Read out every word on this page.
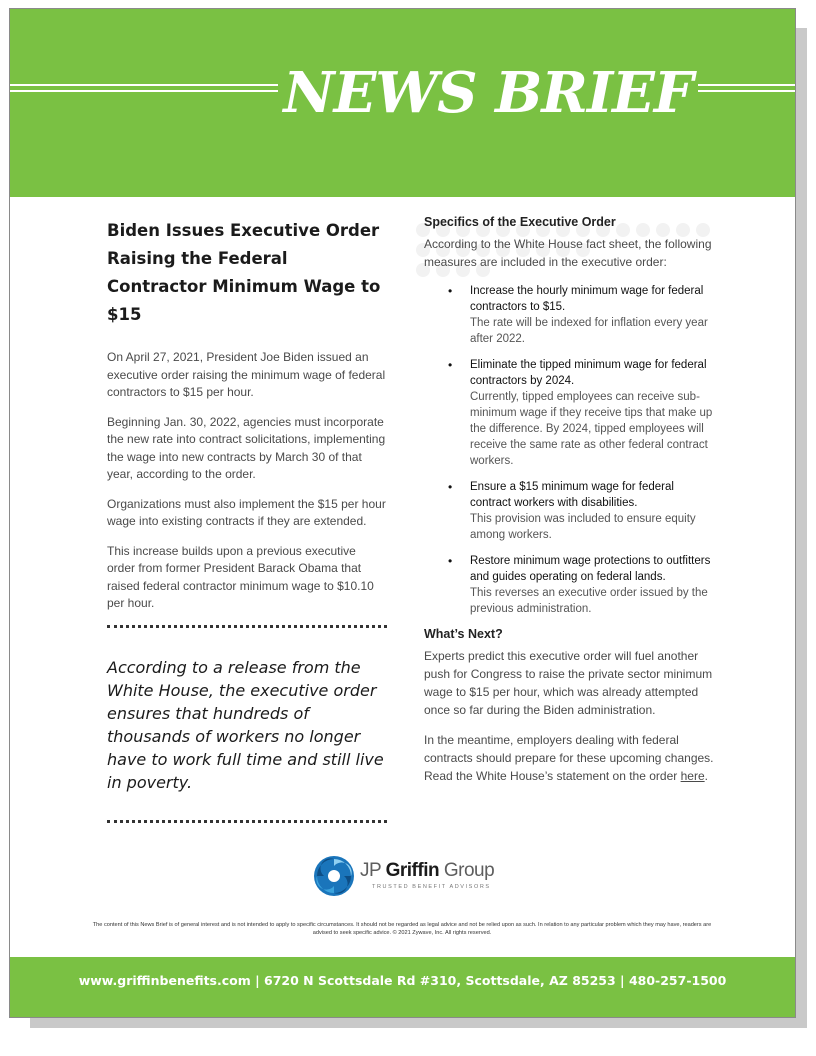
NEWS BRIEF
Biden Issues Executive Order Raising the Federal Contractor Minimum Wage to $15

On April 27, 2021, President Joe Biden issued an executive order raising the minimum wage of federal contractors to $15 per hour.

Beginning Jan. 30, 2022, agencies must incorporate the new rate into contract solicitations, implementing the wage into new contracts by March 30 of that year, according to the order.

Organizations must also implement the $15 per hour wage into existing contracts if they are extended.

This increase builds upon a previous executive order from former President Barack Obama that raised federal contractor minimum wage to $10.10 per hour.

According to a release from the White House, the executive order ensures that hundreds of thousands of workers no longer have to work full time and still live in poverty.

Specifics of the Executive Order

According to the White House fact sheet, the following measures are included in the executive order:

• Increase the hourly minimum wage for federal contractors to $15.
The rate will be indexed for inflation every year after 2022.
• Eliminate the tipped minimum wage for federal contractors by 2024.
Currently, tipped employees can receive sub-minimum wage if they receive tips that make up the difference. By 2024, tipped employees will receive the same rate as other federal contract workers.
• Ensure a $15 minimum wage for federal contract workers with disabilities.
This provision was included to ensure equity among workers.
• Restore minimum wage protections to outfitters and guides operating on federal lands.
This reverses an executive order issued by the previous administration.
What’s Next?

Experts predict this executive order will fuel another push for Congress to raise the private sector minimum wage to $15 per hour, which was already attempted once so far during the Biden administration.

In the meantime, employers dealing with federal contracts should prepare for these upcoming changes. Read the White House’s statement on the order here.

JP Griffin Group
TRUSTED BENEFIT ADVISORS

The content of this News Brief is of general interest and is not intended to apply to specific circumstances. It should not be regarded as legal advice and not be relied upon as such. In relation to any particular problem which they may have, readers are advised to seek specific advice. © 2021 Zywave, Inc. All rights reserved.

www.griffinbenefits.com | 6720 N Scottsdale Rd #310, Scottsdale, AZ 85253 | 480-257-1500
